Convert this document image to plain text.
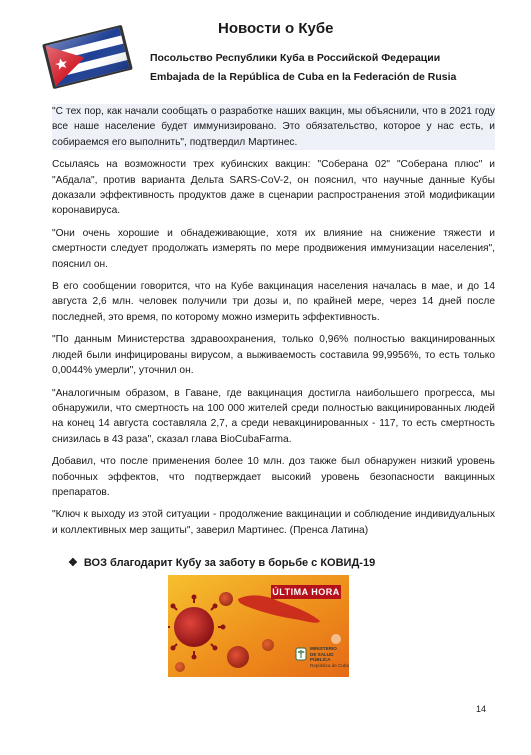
Новости о Кубе
Посольство Республики Куба в Российской Федерации
Embajada de la República de Cuba en la Federación de Rusia

"С тех пор, как начали сообщать о разработке наших вакцин, мы объяснили, что в 2021 году все наше население будет иммунизировано. Это обязательство, которое у нас есть, и собираемся его выполнить", подтвердил Мартинес.

Ссылаясь на возможности трех кубинских вакцин: "Соберана 02" "Соберана плюс" и "Абдала", против варианта Дельта SARS-CoV-2, он пояснил, что научные данные Кубы доказали эффективность продуктов даже в сценарии распространения этой модификации коронавируса.

"Они очень хорошие и обнадеживающие, хотя их влияние на снижение тяжести и смертности следует продолжать измерять по мере продвижения иммунизации населения", пояснил он.

В его сообщении говорится, что на Кубе вакцинация населения началась в мае, и до 14 августа 2,6 млн. человек получили три дозы и, по крайней мере, через 14 дней после последней, это время, по которому можно измерить эффективность.

"По данным Министерства здравоохранения, только 0,96% полностью вакцинированных людей были инфицированы вирусом, а выживаемость составила 99,9956%, то есть только 0,0044% умерли", уточнил он.

"Аналогичным образом, в Гаване, где вакцинация достигла наибольшего прогресса, мы обнаружили, что смертность на 100 000 жителей среди полностью вакцинированных людей на конец 14 августа составляла 2,7, а среди невакцинированных - 117, то есть смертность снизилась в 43 раза", сказал глава BioCubaFarma.

Добавил, что после применения более 10 млн. доз также был обнаружен низкий уровень побочных эффектов, что подтверждает высокий уровень безопасности вакцинных препаратов.

"Ключ к выходу из этой ситуации - продолжение вакцинации и соблюдение индивидуальных и коллективных мер защиты", заверил Мартинес. (Пренса Латина)

❖ ВОЗ благодарит Кубу за заботу в борьбе с КОВИД-19
ÚLTIMA HORA
MINISTERIO
DE SALUD PÚBLICA
República de Cuba
14
